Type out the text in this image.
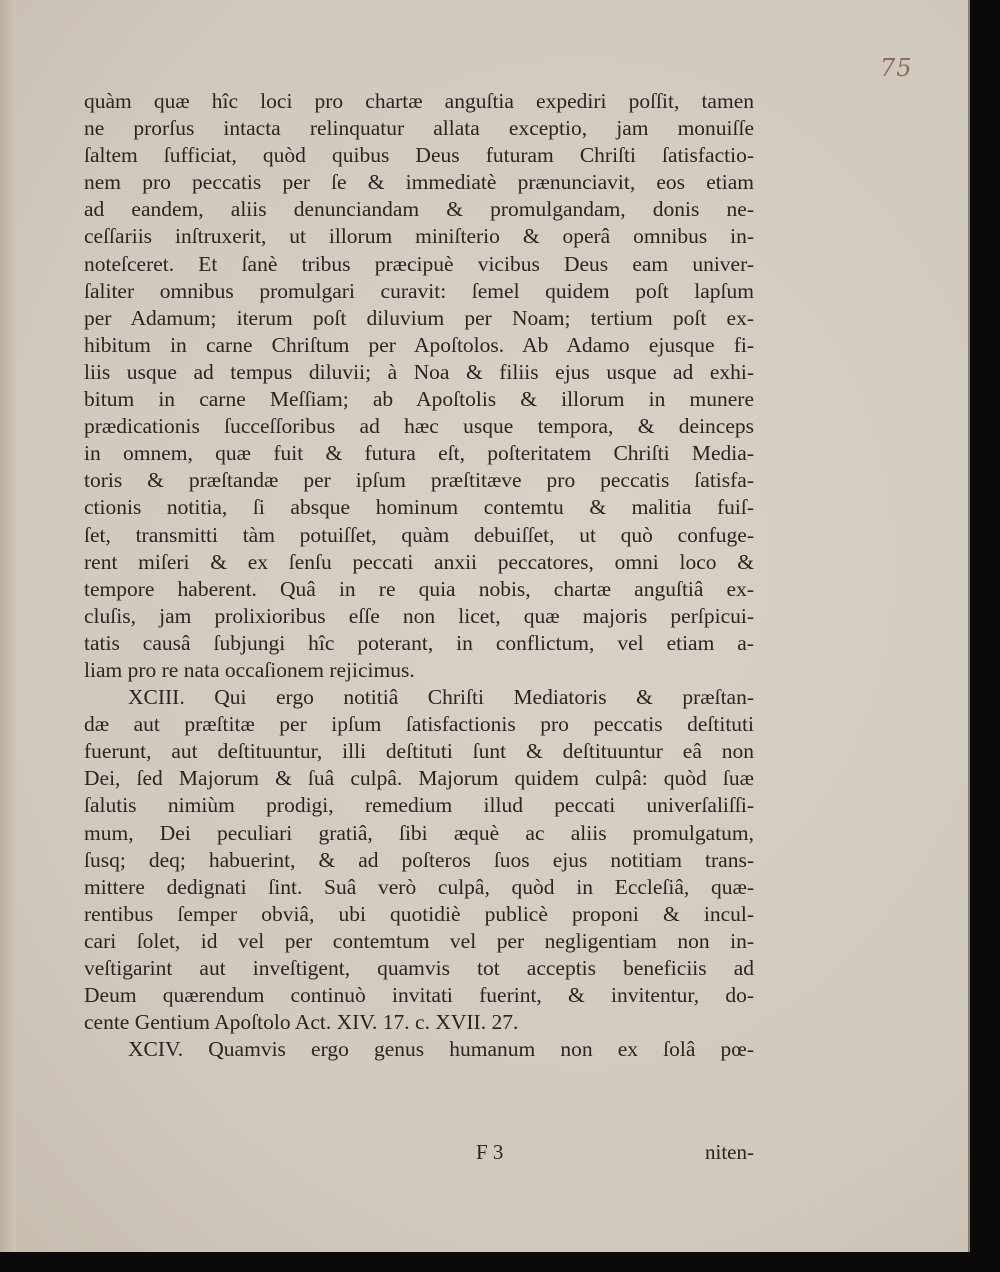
75
quàm quæ hîc loci pro chartæ anguſtia expediri poſſit, tamen
ne prorſus intacta relinquatur allata exceptio, jam monuiſſe
ſaltem ſufficiat, quòd quibus Deus futuram Chriſti ſatisfactio-
nem pro peccatis per ſe & immediatè prænunciavit, eos etiam
ad eandem, aliis denunciandam & promulgandam, donis ne-
ceſſariis inſtruxerit, ut illorum miniſterio & operâ omnibus in-
noteſceret. Et ſanè tribus præcipuè vicibus Deus eam univer-
ſaliter omnibus promulgari curavit: ſemel quidem poſt lapſum
per Adamum; iterum poſt diluvium per Noam; tertium poſt ex-
hibitum in carne Chriſtum per Apoſtolos. Ab Adamo ejusque fi-
liis usque ad tempus diluvii; à Noa & filiis ejus usque ad exhi-
bitum in carne Meſſiam; ab Apoſtolis & illorum in munere
prædicationis ſucceſſoribus ad hæc usque tempora, & deinceps
in omnem, quæ fuit & futura eſt, poſteritatem Chriſti Media-
toris & præſtandæ per ipſum præſtitæve pro peccatis ſatisfa-
ctionis notitia, ſi absque hominum contemtu & malitia fuiſ-
ſet, transmitti tàm potuiſſet, quàm debuiſſet, ut quò confuge-
rent miſeri & ex ſenſu peccati anxii peccatores, omni loco &
tempore haberent. Quâ in re quia nobis, chartæ anguſtiâ ex-
cluſis, jam prolixioribus eſſe non licet, quæ majoris perſpicui-
tatis causâ ſubjungi hîc poterant, in conflictum, vel etiam a-
liam pro re nata occaſionem rejicimus.
XCIII. Qui ergo notitiâ Chriſti Mediatoris & præſtan-
dæ aut præſtitæ per ipſum ſatisfactionis pro peccatis deſtituti
fuerunt, aut deſtituuntur, illi deſtituti ſunt & deſtituuntur eâ non
Dei, ſed Majorum & ſuâ culpâ. Majorum quidem culpâ: quòd ſuæ
ſalutis nimiùm prodigi, remedium illud peccati univerſaliſſi-
mum, Dei peculiari gratiâ, ſibi æquè ac aliis promulgatum,
ſusq; deq; habuerint, & ad poſteros ſuos ejus notitiam trans-
mittere dedignati ſint. Suâ verò culpâ, quòd in Eccleſiâ, quæ-
rentibus ſemper obviâ, ubi quotidiè publicè proponi & incul-
cari ſolet, id vel per contemtum vel per negligentiam non in-
veſtigarint aut inveſtigent, quamvis tot acceptis beneficiis ad
Deum quærendum continuò invitati fuerint, & invitentur, do-
cente Gentium Apoſtolo Act. XIV. 17. c. XVII. 27.
XCIV. Quamvis ergo genus humanum non ex ſolâ pœ-
F 3	niten-
